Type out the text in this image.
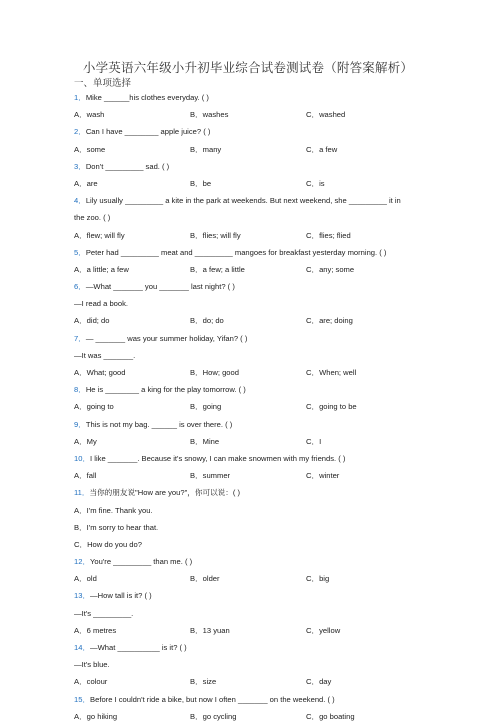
小学英语六年级小升初毕业综合试卷测试卷（附答案解析）
一、单项选择
1．Mike ______his clothes everyday. ( )
A．wash	B．washes	C．washed
2．Can I have ________ apple juice? ( )
A．some	B．many	C．a few
3．Don't _________ sad. ( )
A．are	B．be	C．is
4．Lily usually _________ a kite in the park at weekends. But next weekend, she _________ it in
the zoo. ( )
A．flew; will fly	B．flies; will fly	C．flies; flied
5．Peter had _________ meat and _________ mangoes for breakfast yesterday morning. ( )
A．a little; a few	B．a few; a little	C．any; some
6．—What _______ you _______ last night? ( )
—I read a book.
A．did; do	B．do; do	C．are; doing
7．— _______ was your summer holiday, Yifan? ( )
—It was _______.
A．What; good	B．How; good	C．When; well
8．He is ________ a king for the play tomorrow. ( )
A．going to	B．going	C．going to be
9．This is not my bag. ______ is over there. ( )
A．My	B．Mine	C．I
10．I like _______. Because it's snowy, I can make snowmen with my friends. ( )
A．fall	B．summer	C．winter
11．当你的朋友说"How are you?"，你可以说：( )
A．I'm fine. Thank you.
B．I'm sorry to hear that.
C．How do you do?
12．You're _________ than me. ( )
A．old	B．older	C．big
13．—How tall is it? ( )
—It's _________.
A．6 metres	B．13 yuan	C．yellow
14．—What __________ is it? ( )
—It's blue.
A．colour	B．size	C．day
15．Before I couldn't ride a bike, but now I often _______ on the weekend. ( )
A．go hiking	B．go cycling	C．go boating
